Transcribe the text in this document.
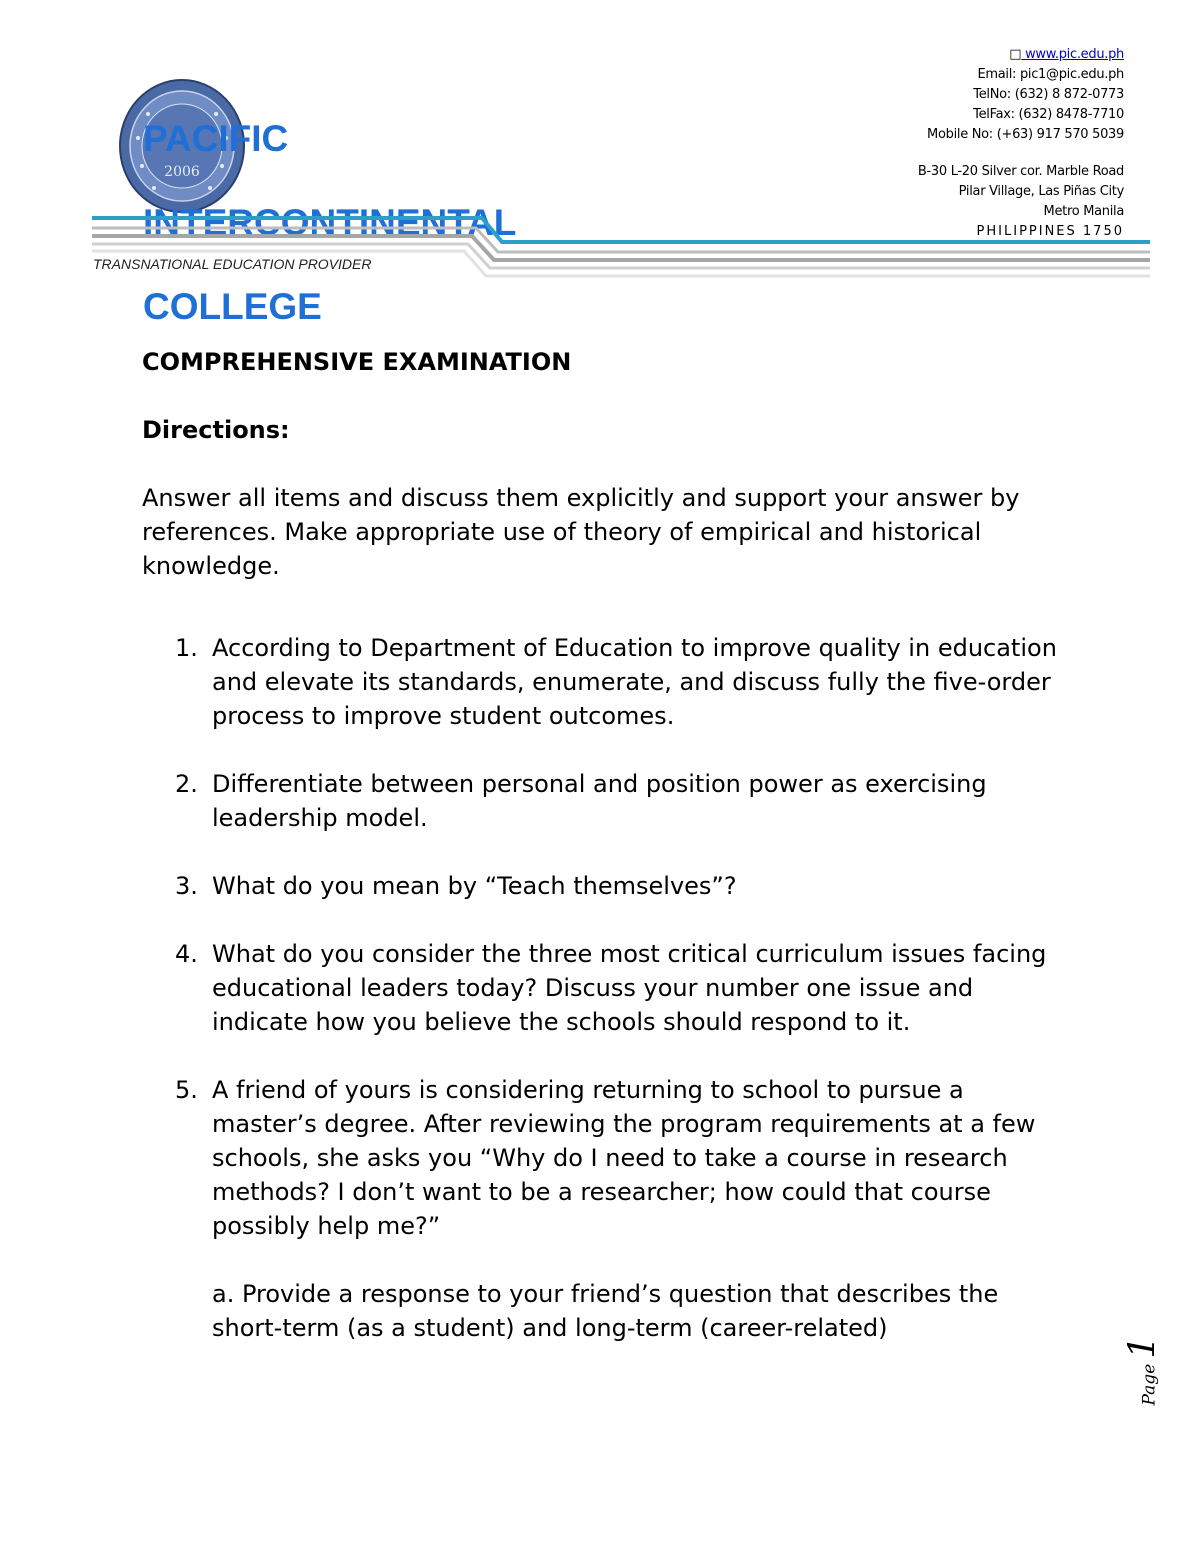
2006

PACIFIC

INTERCONTINENTAL

COLLEGE

□ www.pic.edu.ph
Email: pic1@pic.edu.ph
TelNo: (632) 8 872-0773
TelFax: (632) 8478-7710
Mobile No: (+63) 917 570 5039
B-30 L-20 Silver cor. Marble Road
Pilar Village, Las Piñas City
Metro Manila
PHILIPPINES 1750

TRANSNATIONAL EDUCATION PROVIDER

COMPREHENSIVE EXAMINATION

Directions:

Answer all items and discuss them explicitly and support your answer by references. Make appropriate use of theory of empirical and historical knowledge.

1. According to Department of Education to improve quality in education and elevate its standards, enumerate, and discuss fully the five-order process to improve student outcomes.
2. Differentiate between personal and position power as exercising leadership model.
3. What do you mean by “Teach themselves”?
4. What do you consider the three most critical curriculum issues facing educational leaders today? Discuss your number one issue and indicate how you believe the schools should respond to it.
5. A friend of yours is considering returning to school to pursue a master’s degree. After reviewing the program requirements at a few schools, she asks you “Why do I need to take a course in research methods? I don’t want to be a researcher; how could that course possibly help me?”
a. Provide a response to your friend’s question that describes the short-term (as a student) and long-term (career-related)
Page 1
